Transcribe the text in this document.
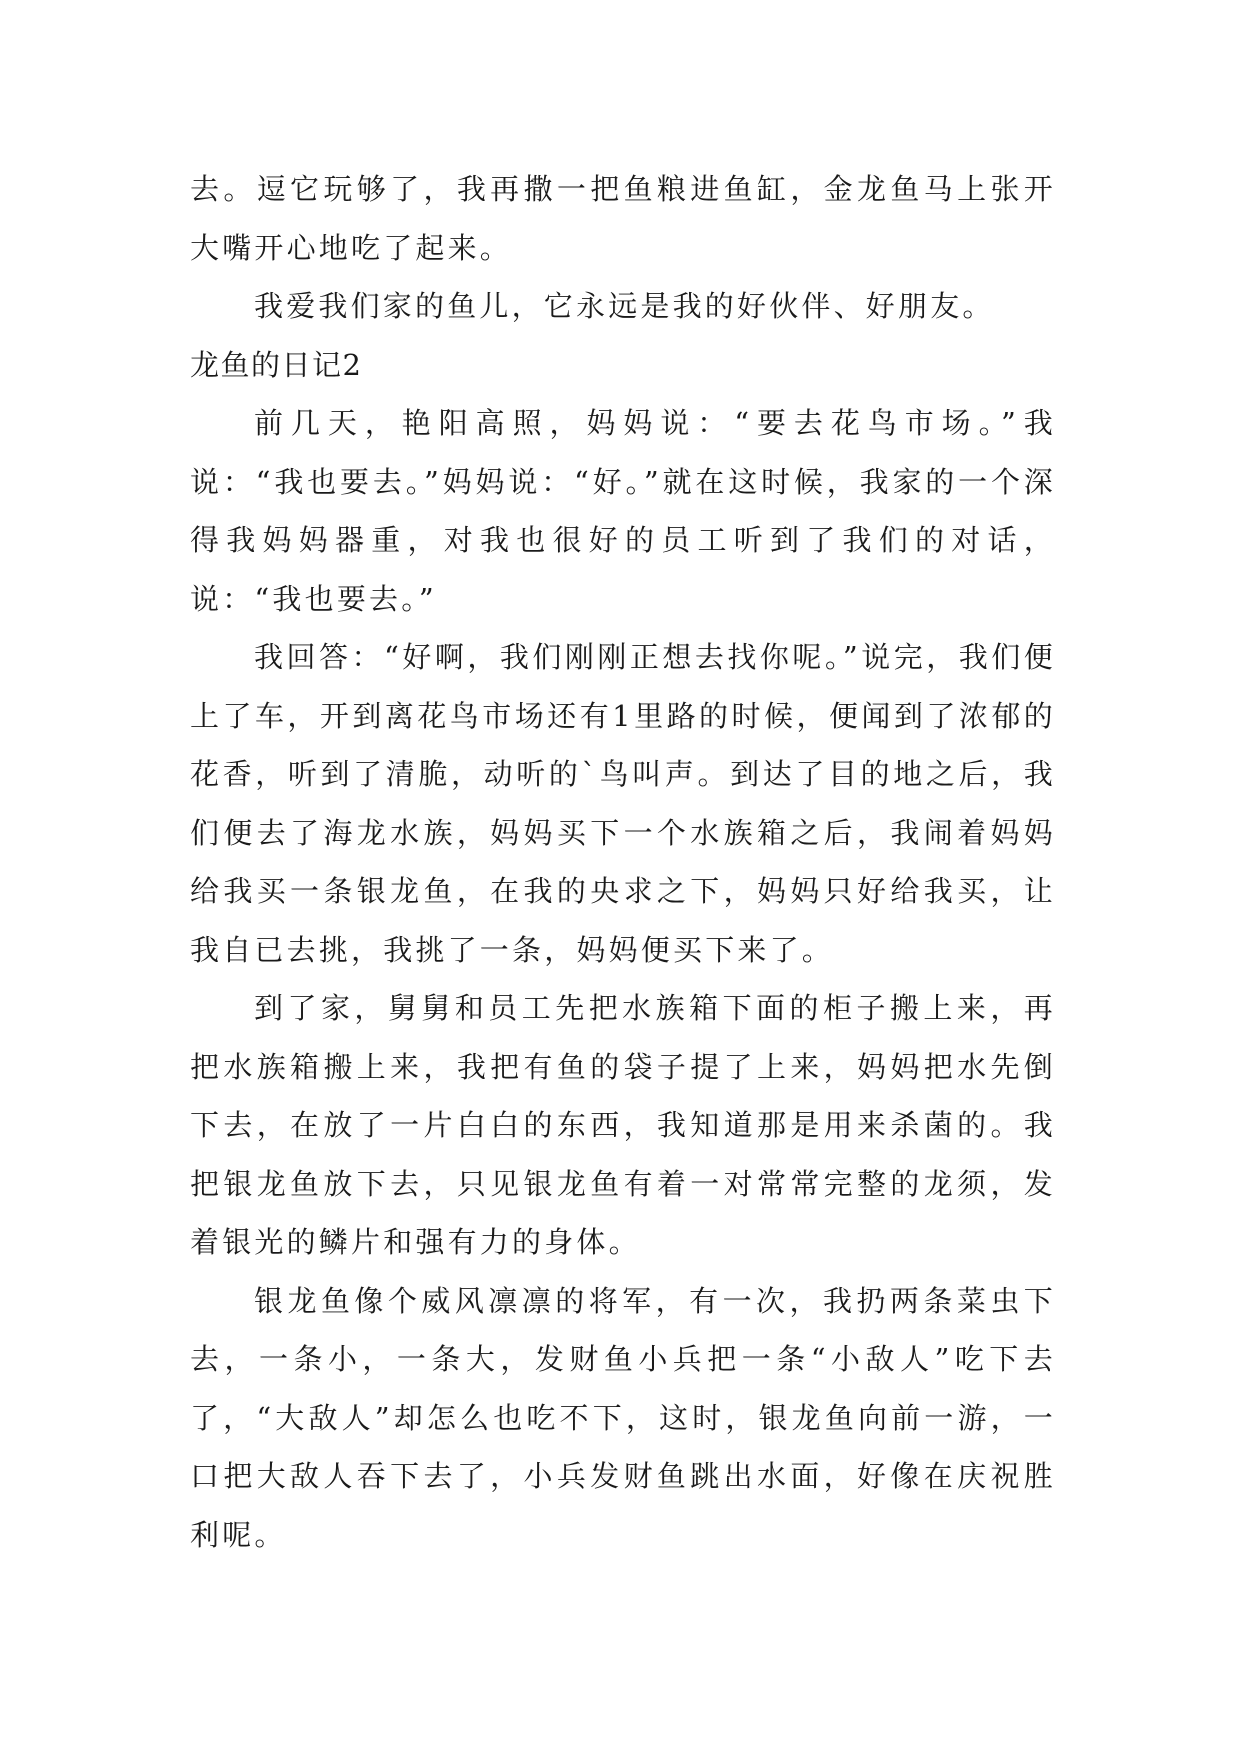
去。逗它玩够了，我再撒一把鱼粮进鱼缸，金龙鱼马上张开大嘴开心地吃了起来。

我爱我们家的鱼儿，它永远是我的好伙伴、好朋友。

龙鱼的日记2

前几天，艳阳高照，妈妈说：“要去花鸟市场。”我说：“我也要去。”妈妈说：“好。”就在这时候，我家的一个深得我妈妈器重，对我也很好的员工听到了我们的对话，说：“我也要去。”

我回答：“好啊，我们刚刚正想去找你呢。”说完，我们便上了车，开到离花鸟市场还有1里路的时候，便闻到了浓郁的花香，听到了清脆，动听的`鸟叫声。到达了目的地之后，我们便去了海龙水族，妈妈买下一个水族箱之后，我闹着妈妈给我买一条银龙鱼，在我的央求之下，妈妈只好给我买，让我自已去挑，我挑了一条，妈妈便买下来了。

到了家，舅舅和员工先把水族箱下面的柜子搬上来，再把水族箱搬上来，我把有鱼的袋子提了上来，妈妈把水先倒下去，在放了一片白白的东西，我知道那是用来杀菌的。我把银龙鱼放下去，只见银龙鱼有着一对常常完整的龙须，发着银光的鳞片和强有力的身体。

银龙鱼像个威风凛凛的将军，有一次，我扔两条菜虫下去，一条小，一条大，发财鱼小兵把一条“小敌人”吃下去了，“大敌人”却怎么也吃不下，这时，银龙鱼向前一游，一口把大敌人吞下去了，小兵发财鱼跳出水面，好像在庆祝胜利呢。
